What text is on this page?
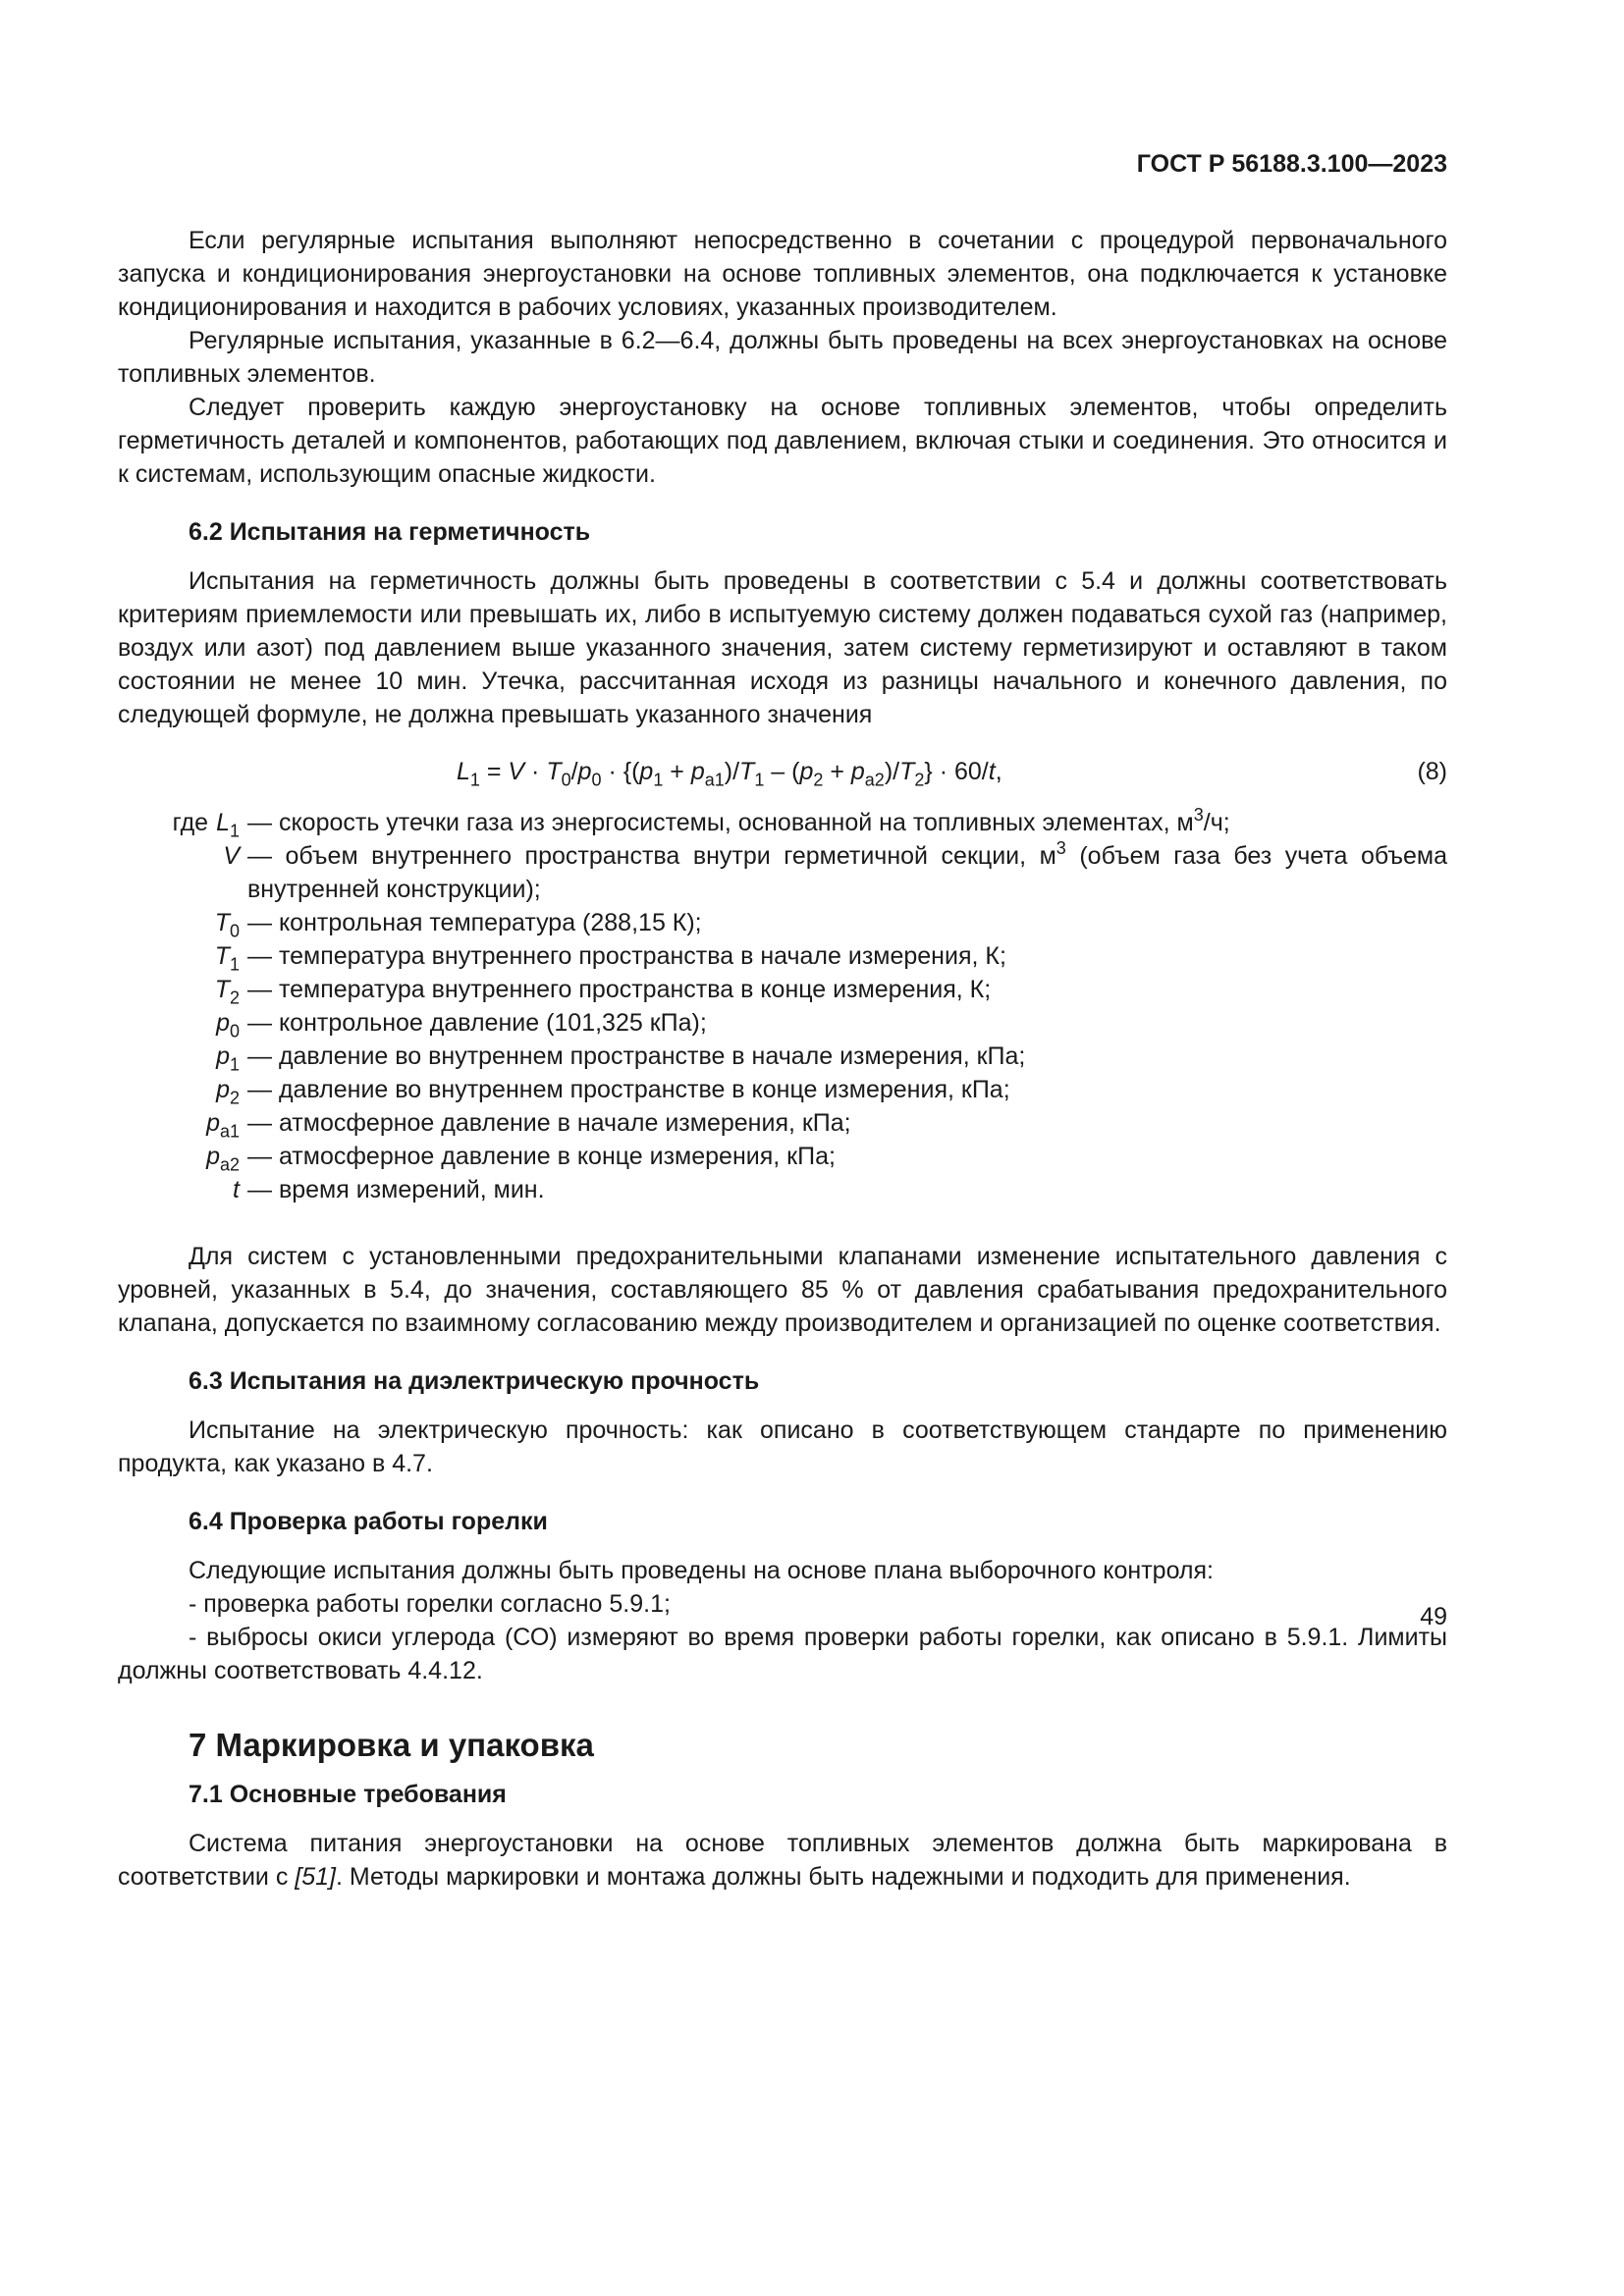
ГОСТ Р 56188.3.100—2023

Если регулярные испытания выполняют непосредственно в сочетании с процедурой первоначального запуска и кондиционирования энергоустановки на основе топливных элементов, она подключается к установке кондиционирования и находится в рабочих условиях, указанных производителем.

Регулярные испытания, указанные в 6.2—6.4, должны быть проведены на всех энергоустановках на основе топливных элементов.

Следует проверить каждую энергоустановку на основе топливных элементов, чтобы определить герметичность деталей и компонентов, работающих под давлением, включая стыки и соединения. Это относится и к системам, использующим опасные жидкости.

6.2 Испытания на герметичность

Испытания на герметичность должны быть проведены в соответствии с 5.4 и должны соответствовать критериям приемлемости или превышать их, либо в испытуемую систему должен подаваться сухой газ (например, воздух или азот) под давлением выше указанного значения, затем систему герметизируют и оставляют в таком состоянии не менее 10 мин. Утечка, рассчитанная исходя из разницы начального и конечного давления, по следующей формуле, не должна превышать указанного значения

$L_1 = V \cdot T_0/p_0 \cdot \{(p_1 + p_{a1})/T_1 - (p_2 + p_{a2})/T_2\} \cdot 60/t$,	(8)
где $L_1$ — скорость утечки газа из энергосистемы, основанной на топливных элементах, $м^3/ч$;
V — объем внутреннего пространства внутри герметичной секции, $м^3$ (объем газа без учета объема внутренней конструкции);
$T_0$ — контрольная температура (288,15 К);
$T_1$ — температура внутреннего пространства в начале измерения, К;
$T_2$ — температура внутреннего пространства в конце измерения, К;
$p_0$ — контрольное давление (101,325 кПа);
$p_1$ — давление во внутреннем пространстве в начале измерения, кПа;
$p_2$ — давление во внутреннем пространстве в конце измерения, кПа;
$p_{a1}$ — атмосферное давление в начале измерения, кПа;
$p_{a2}$ — атмосферное давление в конце измерения, кПа;
t — время измерений, мин.

Для систем с установленными предохранительными клапанами изменение испытательного давления с уровней, указанных в 5.4, до значения, составляющего 85 % от давления срабатывания предохранительного клапана, допускается по взаимному согласованию между производителем и организацией по оценке соответствия.

6.3 Испытания на диэлектрическую прочность

Испытание на электрическую прочность: как описано в соответствующем стандарте по применению продукта, как указано в 4.7.

6.4 Проверка работы горелки

Следующие испытания должны быть проведены на основе плана выборочного контроля:

- проверка работы горелки согласно 5.9.1;

- выбросы окиси углерода (СО) измеряют во время проверки работы горелки, как описано в 5.9.1. Лимиты должны соответствовать 4.4.12.

7 Маркировка и упаковка
7.1 Основные требования

Система питания энергоустановки на основе топливных элементов должна быть маркирована в соответствии с [51]. Методы маркировки и монтажа должны быть надежными и подходить для применения.

49
